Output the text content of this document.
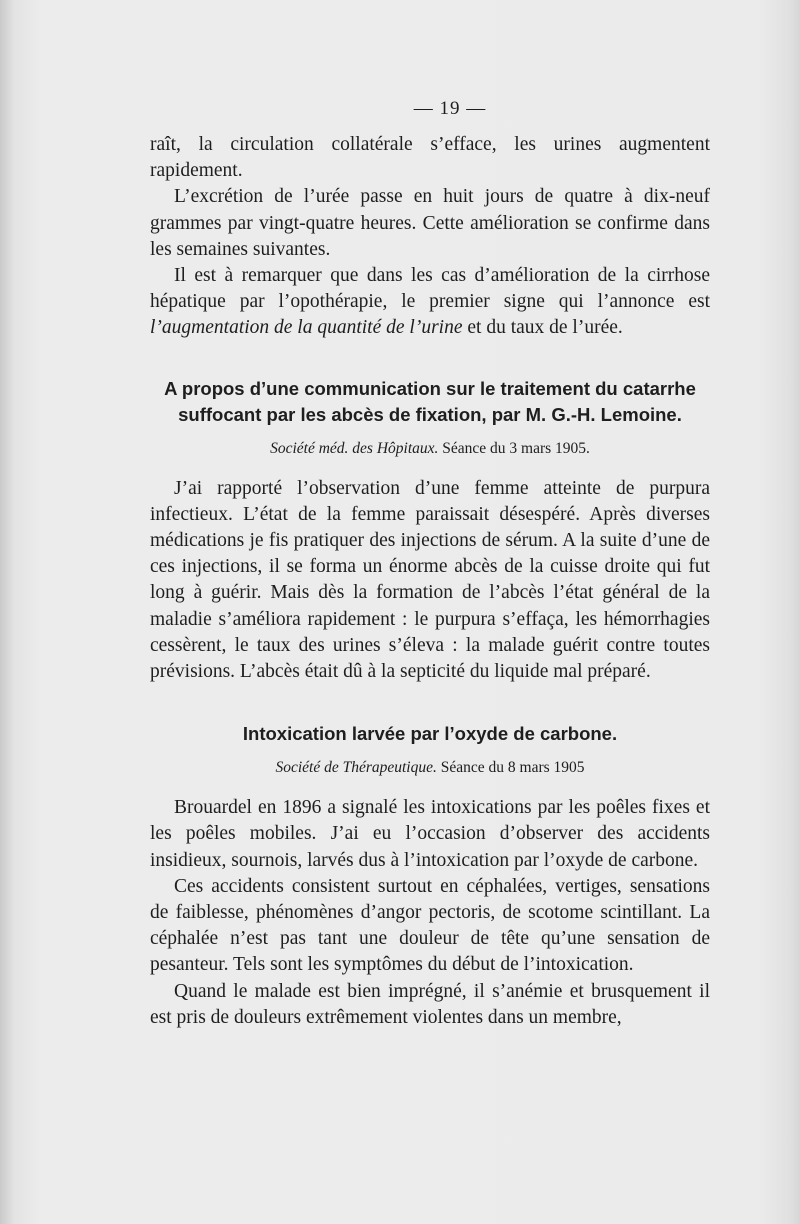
— 19 —

raît, la circulation collatérale s’efface, les urines augmentent rapidement.

L’excrétion de l’urée passe en huit jours de quatre à dix-neuf grammes par vingt-quatre heures. Cette amélioration se confirme dans les semaines suivantes.

Il est à remarquer que dans les cas d’amélioration de la cirrhose hépatique par l’opothérapie, le premier signe qui l’annonce est l’augmentation de la quantité de l’urine et du taux de l’urée.

A propos d’une communication sur le traitement du catarrhe
suffocant par les abcès de fixation, par M. G.-H. Lemoine.
Société méd. des Hôpitaux. Séance du 3 mars 1905.

J’ai rapporté l’observation d’une femme atteinte de purpura infectieux. L’état de la femme paraissait désespéré. Après diverses médications je fis pratiquer des injections de sérum. A la suite d’une de ces injections, il se forma un énorme abcès de la cuisse droite qui fut long à guérir. Mais dès la formation de l’abcès l’état général de la maladie s’améliora rapidement : le purpura s’effaça, les hémorrhagies cessèrent, le taux des urines s’éleva : la malade guérit contre toutes prévisions. L’abcès était dû à la septicité du liquide mal préparé.

Intoxication larvée par l’oxyde de carbone.
Société de Thérapeutique. Séance du 8 mars 1905

Brouardel en 1896 a signalé les intoxications par les poêles fixes et les poêles mobiles. J’ai eu l’occasion d’observer des accidents insidieux, sournois, larvés dus à l’intoxication par l’oxyde de carbone.

Ces accidents consistent surtout en céphalées, vertiges, sensations de faiblesse, phénomènes d’angor pectoris, de scotome scintillant. La céphalée n’est pas tant une douleur de tête qu’une sensation de pesanteur. Tels sont les symptômes du début de l’intoxication.

Quand le malade est bien imprégné, il s’anémie et brusquement il est pris de douleurs extrêmement violentes dans un membre,
